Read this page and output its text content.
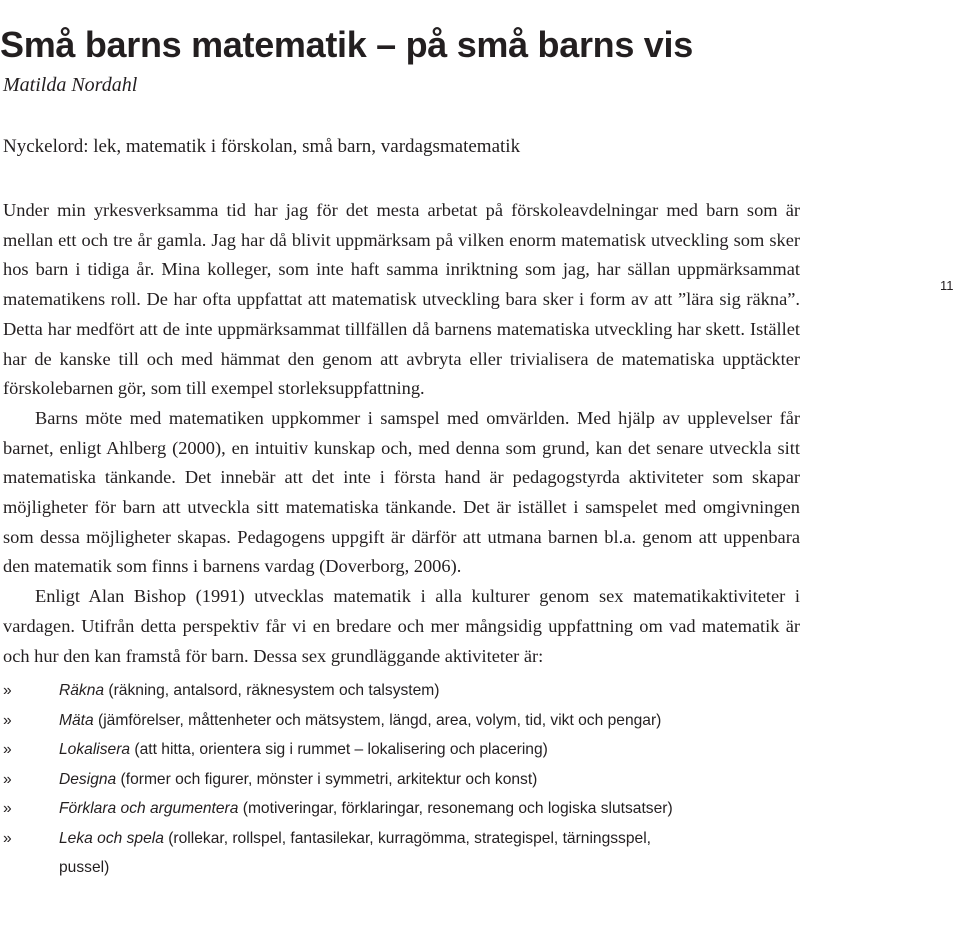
Små barns matematik – på små barns vis
Matilda Nordahl
Nyckelord: lek, matematik i förskolan, små barn, vardagsmatematik

Under min yrkesverksamma tid har jag för det mesta arbetat på förskoleavdelningar med barn som är mellan ett och tre år gamla. Jag har då blivit uppmärksam på vilken enorm matematisk utveckling som sker hos barn i tidiga år. Mina kolleger, som inte haft samma inriktning som jag, har sällan uppmärksammat matematikens roll. De har ofta uppfattat att matematisk utveckling bara sker i form av att ”lära sig räkna”. Detta har medfört att de inte uppmärksammat tillfällen då barnens matematiska utveckling har skett. Istället har de kanske till och med hämmat den genom att avbryta eller trivialisera de matematiska upptäckter förskolebarnen gör, som till exempel storleksuppfattning.

Barns möte med matematiken uppkommer i samspel med omvärlden. Med hjälp av upplevelser får barnet, enligt Ahlberg (2000), en intuitiv kunskap och, med denna som grund, kan det senare utveckla sitt matematiska tänkande. Det innebär att det inte i första hand är pedagogstyrda aktiviteter som skapar möjligheter för barn att utveckla sitt matematiska tänkande. Det är istället i samspelet med omgivningen som dessa möjligheter skapas. Pedagogens uppgift är därför att utmana barnen bl.a. genom att uppenbara den matematik som finns i barnens vardag (Doverborg, 2006).

Enligt Alan Bishop (1991) utvecklas matematik i alla kulturer genom sex matematikaktiviteter i vardagen. Utifrån detta perspektiv får vi en bredare och mer mångsidig uppfattning om vad matematik är och hur den kan framstå för barn. Dessa sex grundläggande aktiviteter är:

11
»	Räkna (räkning, antalsord, räknesystem och talsystem)
»	Mäta (jämförelser, måttenheter och mätsystem, längd, area, volym, tid, vikt och pengar)
»	Lokalisera (att hitta, orientera sig i rummet – lokalisering och placering)
»	Designa (former och figurer, mönster i symmetri, arkitektur och konst)
»	Förklara och argumentera (motiveringar, förklaringar, resonemang och logiska slutsatser)
»	Leka och spela (rollekar, rollspel, fantasilekar, kurragömma, strategispel, tärningsspel, pussel)
